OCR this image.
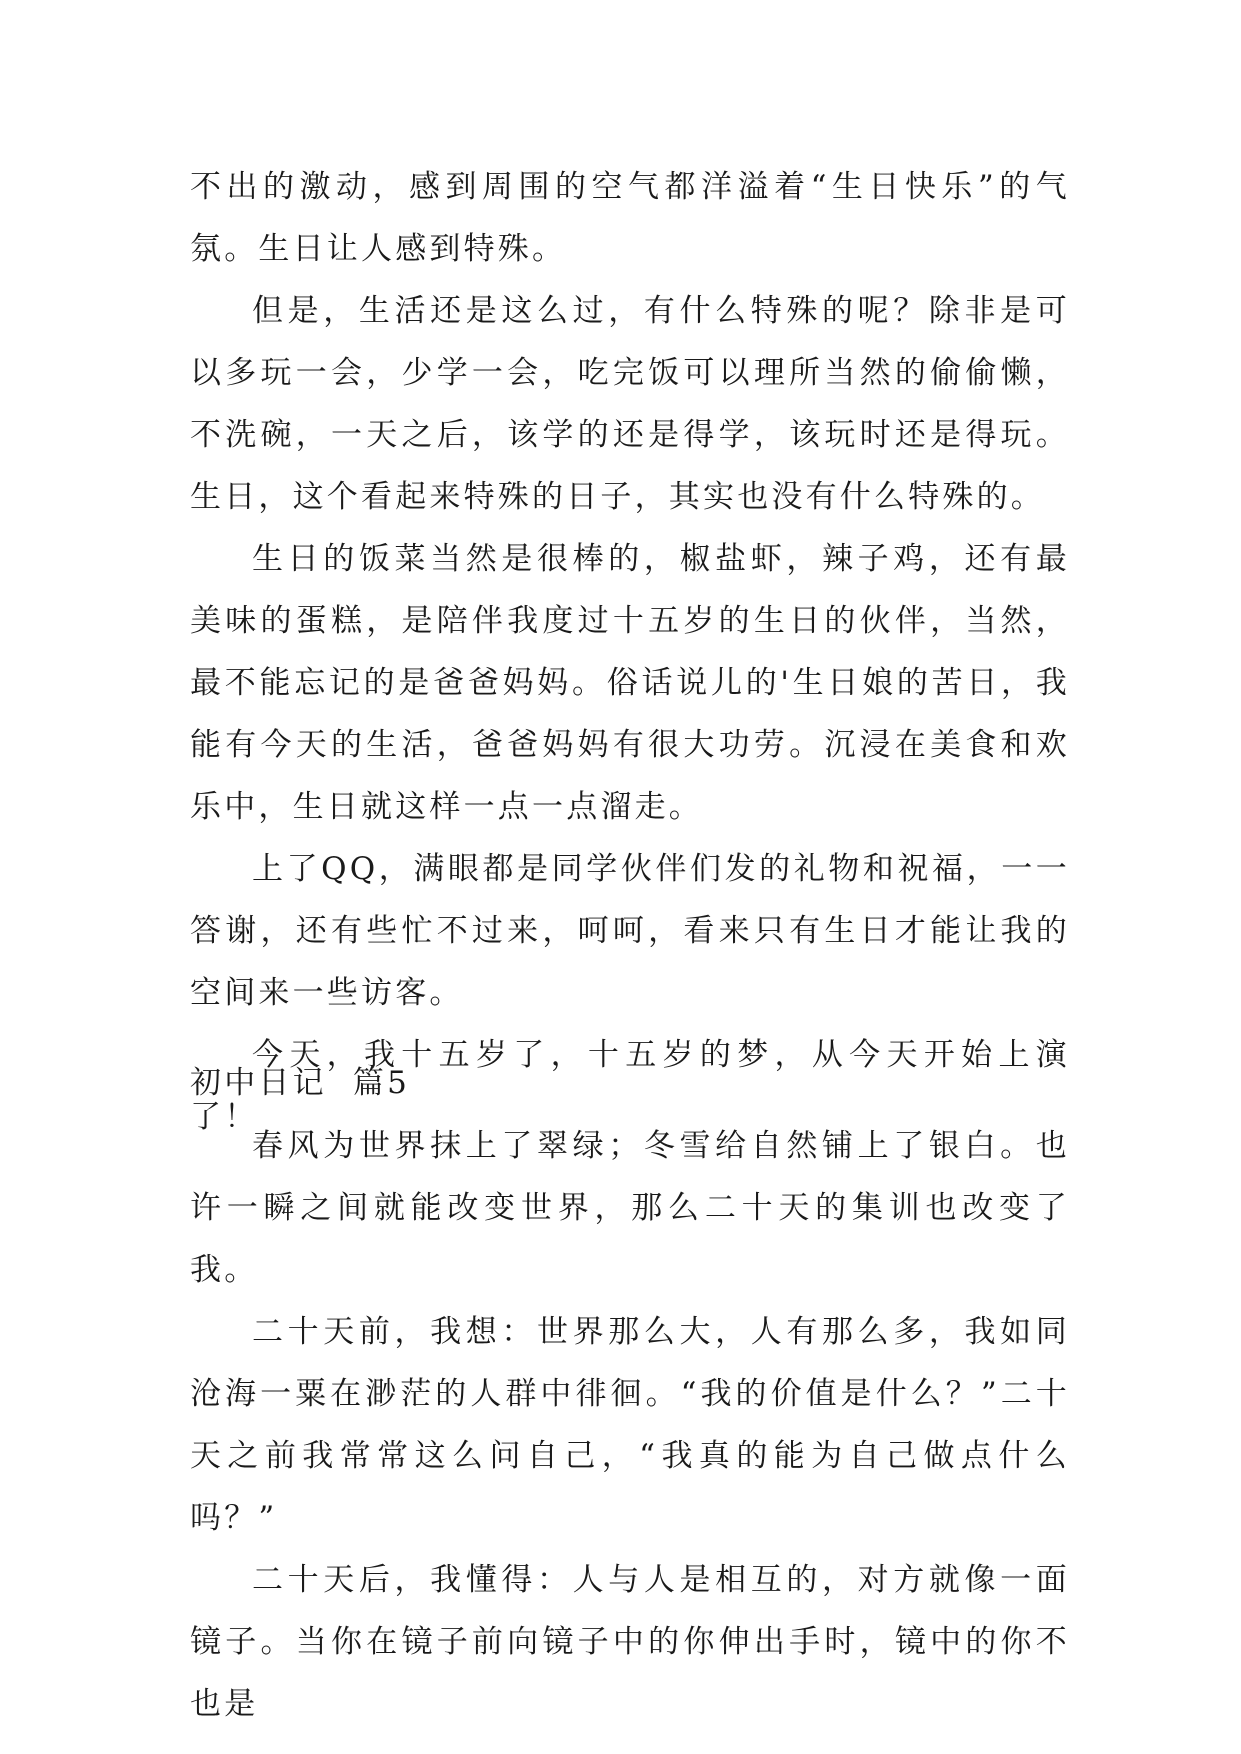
不出的激动，感到周围的空气都洋溢着“生日快乐”的气氛。生日让人感到特殊。

但是，生活还是这么过，有什么特殊的呢？除非是可以多玩一会，少学一会，吃完饭可以理所当然的偷偷懒，不洗碗，一天之后，该学的还是得学，该玩时还是得玩。生日，这个看起来特殊的日子，其实也没有什么特殊的。

生日的饭菜当然是很棒的，椒盐虾，辣子鸡，还有最美味的蛋糕，是陪伴我度过十五岁的生日的伙伴，当然，最不能忘记的是爸爸妈妈。俗话说儿的'生日娘的苦日，我能有今天的生活，爸爸妈妈有很大功劳。沉浸在美食和欢乐中，生日就这样一点一点溜走。

上了QQ，满眼都是同学伙伴们发的礼物和祝福，一一答谢，还有些忙不过来，呵呵，看来只有生日才能让我的空间来一些访客。

今天，我十五岁了，十五岁的梦，从今天开始上演了！

初中日记  篇5

春风为世界抹上了翠绿；冬雪给自然铺上了银白。也许一瞬之间就能改变世界，那么二十天的集训也改变了我。

二十天前，我想：世界那么大，人有那么多，我如同沧海一粟在渺茫的人群中徘徊。“我的价值是什么？”二十天之前我常常这么问自己，“我真的能为自己做点什么吗？”

二十天后，我懂得：人与人是相互的，对方就像一面镜子。当你在镜子前向镜子中的你伸出手时，镜中的你不也是
